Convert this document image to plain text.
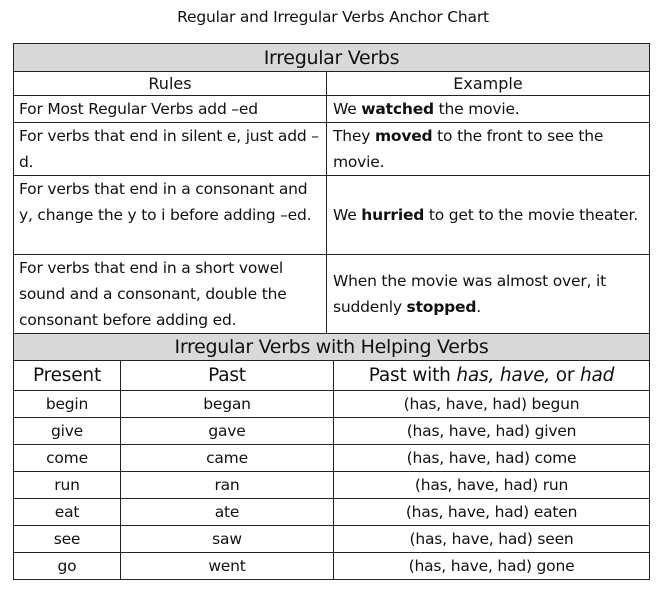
Regular and Irregular Verbs Anchor Chart
Irregular Verbs	
Rules	Example
For Most Regular Verbs add –ed	We watched the movie.
For verbs that end in silent e, just add –d.	They moved to the front to see the movie.
For verbs that end in a consonant and y, change the y to i before adding –ed.	We hurried to get to the movie theater.
For verbs that end in a short vowel sound and a consonant, double the consonant before adding ed.	When the movie was almost over, it suddenly stopped.
Irregular Verbs with Helping Verbs		
Present	Past	Past with has, have, or had
begin	began	(has, have, had) begun
give	gave	(has, have, had) given
come	came	(has, have, had) come
run	ran	(has, have, had) run
eat	ate	(has, have, had) eaten
see	saw	(has, have, had) seen
go	went	(has, have, had) gone
